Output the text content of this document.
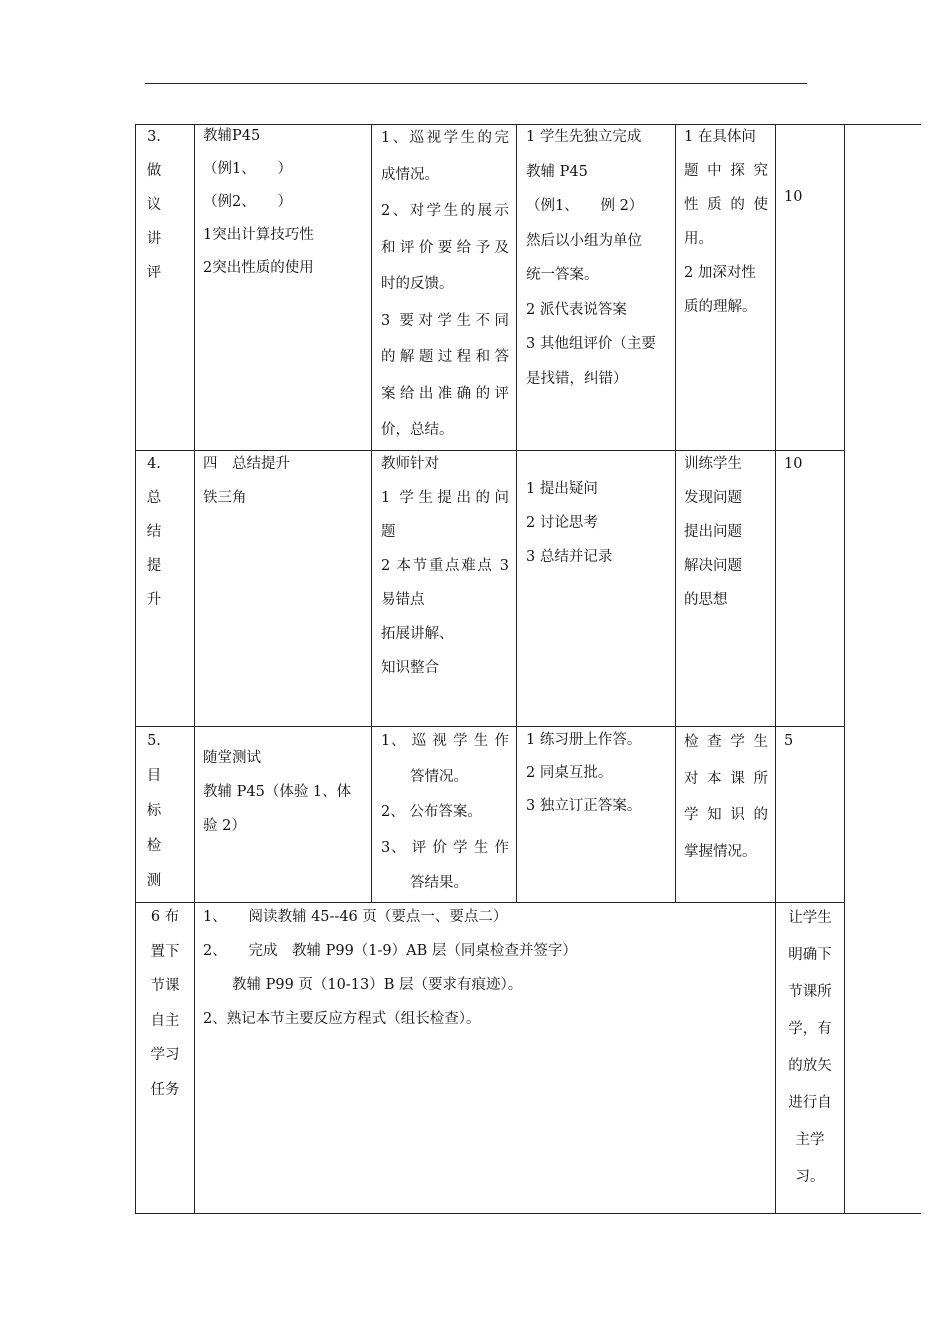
3.
做
议
讲
评
教辅P45
（例1、　　）
（例2、　　）
1突出计算技巧性
2突出性质的使用
1、巡视学生的完
成情况。
2、对学生的展示
和评价要给予及
时的反馈。
3 要对学生不同
的解题过程和答
案给出准确的评
价，总结。
1 学生先独立完成
教辅 P45
（例1、　　例 2）
然后以小组为单位
统一答案。
2 派代表说答案
3 其他组评价（主要
是找错，纠错）
1 在具体问
题 中 探 究
性 质 的 使
用。
2 加深对性
质的理解。
10
4.
总
结
提
升
四　总结提升
铁三角
教师针对
1 学生提出的问
题
2 本节重点难点 3
易错点
拓展讲解、
知识整合
1 提出疑问
2 讨论思考
3 总结并记录
训练学生
发现问题
提出问题
解决问题
的思想
10
5.
目
标
检
测
随堂测试
教辅 P45（体验 1、体
验 2）
1、 巡 视 学 生 作
答情况。
2、 公布答案。
3、 评 价 学 生 作
答结果。
1 练习册上作答。
2 同桌互批。
3 独立订正答案。
检 查 学 生
对 本 课 所
学 知 识 的
掌握情况。
5
6 布
置下
节课
自主
学习
任务
1、　　阅读教辅 45--46 页（要点一、要点二）
2、　　完成　教辅 P99（1-9）AB 层（同桌检查并签字）
　　教辅 P99 页（10-13）B 层（要求有痕迹）。
2、熟记本节主要反应方程式（组长检查）。
让学生
明确下
节课所
学，有
的放矢
进行自
主学
习。
